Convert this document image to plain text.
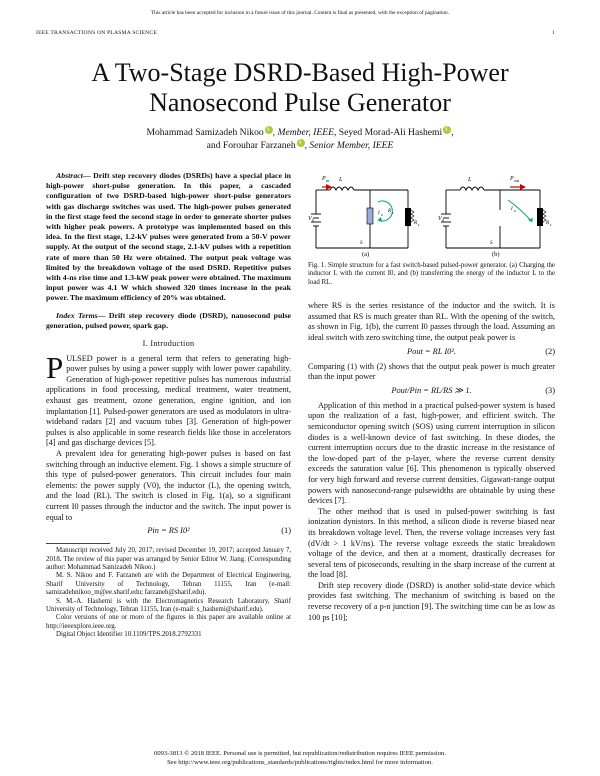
This article has been accepted for inclusion in a future issue of this journal. Content is final as presented, with the exception of pagination.
IEEE TRANSACTIONS ON PLASMA SCIENCE	1
A Two-Stage DSRD-Based High-Power
Nanosecond Pulse Generator
Mohammad Samizadeh Nikoo i , Member, IEEE, Seyed Morad-Ali Hashemi i ,
and Forouhar Farzaneh i , Senior Member, IEEE

Abstract— Drift step recovery diodes (DSRDs) have a special place in high-power short-pulse generation. In this paper, a cascaded configuration of two DSRD-based high-power short-pulse generators with gas discharge switches was used. The high-power pulses generated in the first stage feed the second stage in order to generate shorter pulses with higher peak powers. A prototype was implemented based on this idea. In the first stage, 1.2-kV pulses were generated from a 50-V power supply. At the output of the second stage, 2.1-kV pulses with a repetition rate of more than 50 Hz were obtained. The output peak voltage was limited by the breakdown voltage of the used DSRD. Repetitive pulses with 4-ns rise time and 1.3-kW peak power were obtained. The maximum input power was 4.1 W which showed 320 times increase in the peak power. The maximum efficiency of 20% was obtained.

Index Terms— Drift step recovery diode (DSRD), nanosecond pulse generation, pulsed power, spark gap.

I. Introduction

PULSED power is a general term that refers to generating high-power pulses by using a power supply with lower power capability. Generation of high-power repetitive pulses has numerous industrial applications in food processing, medical treatment, water treatment, exhaust gas treatment, ozone generation, engine ignition, and ion implantation [1]. Pulsed-power generators are used as modulators in ultra-wideband radars [2] and vacuum tubes [3]. Generation of high-power pulses is also applicable in some research fields like those in accelerators [4] and gas discharge devices [5].

A prevalent idea for generating high-power pulses is based on fast switching through an inductive element. Fig. 1 shows a simple structure of this type of pulsed-power generators. This circuit includes four main elements: the power supply (V0), the inductor (L), the opening switch, and the load (RL). The switch is closed in Fig. 1(a), so a significant current I0 passes through the inductor and the switch. The input power is equal to

Pin = RS I0²	(1)

Manuscript received July 20, 2017; revised December 19, 2017; accepted January 7, 2018. The review of this paper was arranged by Senior Editor W. Jiang. (Corresponding author: Mohammad Samizadeh Nikoo.)

M. S. Nikoo and F. Farzaneh are with the Department of Electrical Engineering, Sharif University of Technology, Tehran 11155, Iran (e-mail: samizadehnikoo_m@ee.sharif.edu; farzaneh@sharif.edu).

S. M.-A. Hashemi is with the Electromagnetics Research Laboratory, Sharif University of Technology, Tehran 11155, Iran (e-mail: s_hashemi@sharif.edu).

Color versions of one or more of the figures in this paper are available online at http://ieeexplore.ieee.org.

Digital Object Identifier 10.1109/TPS.2018.2792331

P in L
V 0
I 0
R L
R L
S
(a)
P out
L
V 0
I 0
R L
S
(b)

Fig. 1. Simple structure for a fast switch-based pulsed-power generator. (a) Charging the inductor L with the current I0, and (b) transferring the energy of the inductor L to the load RL.

where RS is the series resistance of the inductor and the switch. It is assumed that RS is much greater than RL. With the opening of the switch, as shown in Fig. 1(b), the current I0 passes through the load. Assuming an ideal switch with zero switching time, the output peak power is

Pout = RL I0².	(2)

Comparing (1) with (2) shows that the output peak power is much greater than the input power

Pout/Pin = RL/RS ≫ 1.	(3)

Application of this method in a practical pulsed-power system is based upon the realization of a fast, high-power, and efficient switch. The semiconductor opening switch (SOS) using current interruption in silicon diodes is a well-known device of fast switching. In these diodes, the current interruption occurs due to the drastic increase in the resistance of the low-doped part of the p-layer, where the reverse current density exceeds the saturation value [6]. This phenomenon is typically observed for very high forward and reverse current densities. Gigawatt-range output powers with nanosecond-range pulsewidths are obtainable by using these devices [7].

The other method that is used in pulsed-power switching is fast ionization dynistors. In this method, a silicon diode is reverse biased near its breakdown voltage level. Then, the reverse voltage increases very fast (dV/dt > 1 kV/ns). The reverse voltage exceeds the static breakdown voltage of the device, and then at a moment, drastically decreases for several tens of picoseconds, resulting in the sharp increase of the current at the load [8].

Drift step recovery diode (DSRD) is another solid-state device which provides fast switching. The mechanism of switching is based on the reverse recovery of a p-n junction [9]. The switching time can be as low as 100 ps [10];

0093-3813 © 2018 IEEE. Personal use is permitted, but republication/redistribution requires IEEE permission.
See http://www.ieee.org/publications_standards/publications/rights/index.html for more information.
